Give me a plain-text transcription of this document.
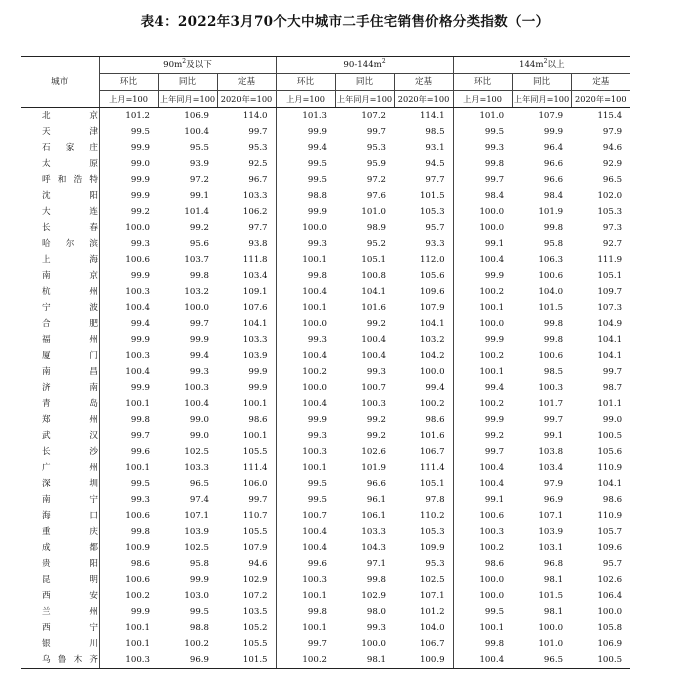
表4：2022年3月70个大中城市二手住宅销售价格分类指数（一）
城市	$90m^2$及以下			$90-144m^2$			$144m^2$以上		
	环比	同比	定基	环比	同比	定基	环比	同比	定基
	上月=100	上年同月=100	2020年=100	上月=100	上年同月=100	2020年=100	上月=100	上年同月=100	2020年=100
北京	101.2	106.9	114.0	101.3	107.2	114.1	101.0	107.9	115.4
天津	99.5	100.4	99.7	99.9	99.7	98.5	99.5	99.9	97.9
石家庄	99.9	95.5	95.3	99.4	95.3	93.1	99.3	96.4	94.6
太原	99.0	93.9	92.5	99.5	95.9	94.5	99.8	96.6	92.9
呼和浩特	99.9	97.2	96.7	99.5	97.2	97.7	99.7	96.6	96.5
沈阳	99.9	99.1	103.3	98.8	97.6	101.5	98.4	98.4	102.0
大连	99.2	101.4	106.2	99.9	101.0	105.3	100.0	101.9	105.3
长春	100.0	99.2	97.7	100.0	98.9	95.7	100.0	99.8	97.3
哈尔滨	99.3	95.6	93.8	99.3	95.2	93.3	99.1	95.8	92.7
上海	100.6	103.7	111.8	100.1	105.1	112.0	100.4	106.3	111.9
南京	99.9	99.8	103.4	99.8	100.8	105.6	99.9	100.6	105.1
杭州	100.3	103.2	109.1	100.4	104.1	109.6	100.2	104.0	109.7
宁波	100.4	100.0	107.6	100.1	101.6	107.9	100.1	101.5	107.3
合肥	99.4	99.7	104.1	100.0	99.2	104.1	100.0	99.8	104.9
福州	99.9	99.9	103.3	99.3	100.4	103.2	99.9	99.8	104.1
厦门	100.3	99.4	103.9	100.4	100.4	104.2	100.2	100.6	104.1
南昌	100.4	99.3	99.9	100.2	99.3	100.0	100.1	98.5	99.7
济南	99.9	100.3	99.9	100.0	100.7	99.4	99.4	100.3	98.7
青岛	100.1	100.4	100.1	100.4	100.3	100.2	100.2	101.7	101.1
郑州	99.8	99.0	98.6	99.9	99.2	98.6	99.9	99.7	99.0
武汉	99.7	99.0	100.1	99.3	99.2	101.6	99.2	99.1	100.5
长沙	99.6	102.5	105.5	100.3	102.6	106.7	99.7	103.8	105.6
广州	100.1	103.3	111.4	100.1	101.9	111.4	100.4	103.4	110.9
深圳	99.5	96.5	106.0	99.5	96.6	105.1	100.4	97.9	104.1
南宁	99.3	97.4	99.7	99.5	96.1	97.8	99.1	96.9	98.6
海口	100.6	107.1	110.7	100.7	106.1	110.2	100.6	107.1	110.9
重庆	99.8	103.9	105.5	100.4	103.3	105.3	100.3	103.9	105.7
成都	100.9	102.5	107.9	100.4	104.3	109.9	100.2	103.1	109.6
贵阳	98.6	95.8	94.6	99.6	97.1	95.3	98.6	96.8	95.7
昆明	100.6	99.9	102.9	100.3	99.8	102.5	100.0	98.1	102.6
西安	100.2	103.0	107.2	100.1	102.9	107.1	100.0	101.5	106.4
兰州	99.9	99.5	103.5	99.8	98.0	101.2	99.5	98.1	100.0
西宁	100.1	98.8	105.2	100.1	99.3	104.0	100.1	100.0	105.8
银川	100.1	100.2	105.5	99.7	100.0	106.7	99.8	101.0	106.9
乌鲁木齐	100.3	96.9	101.5	100.2	98.1	100.9	100.4	96.5	100.5
